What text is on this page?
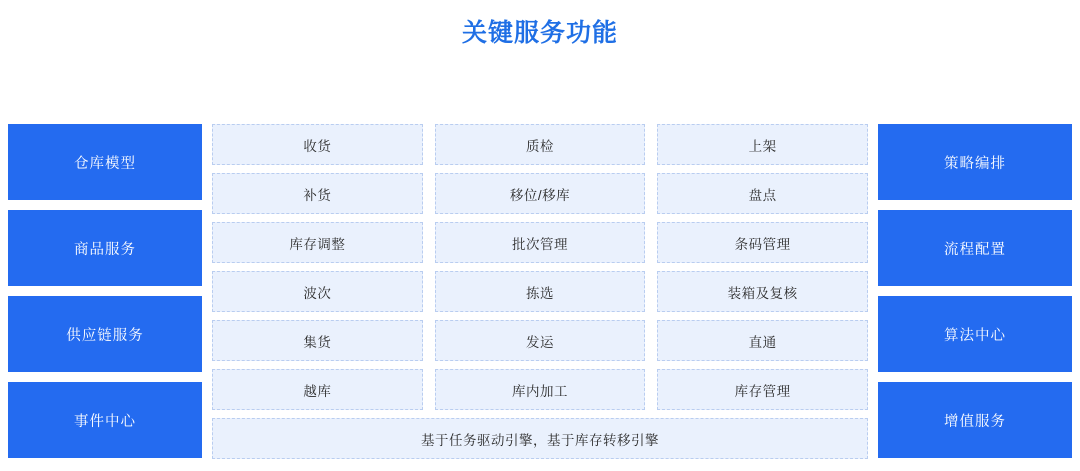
关键服务功能
仓库模型
商品服务
供应链服务
事件中心
收货	质检	上架
补货	移位/移库	盘点
库存调整	批次管理	条码管理
波次	拣选	装箱及复核
集货	发运	直通
越库	库内加工	库存管理
基于任务驱动引擎，基于库存转移引擎
策略编排
流程配置
算法中心
增值服务
